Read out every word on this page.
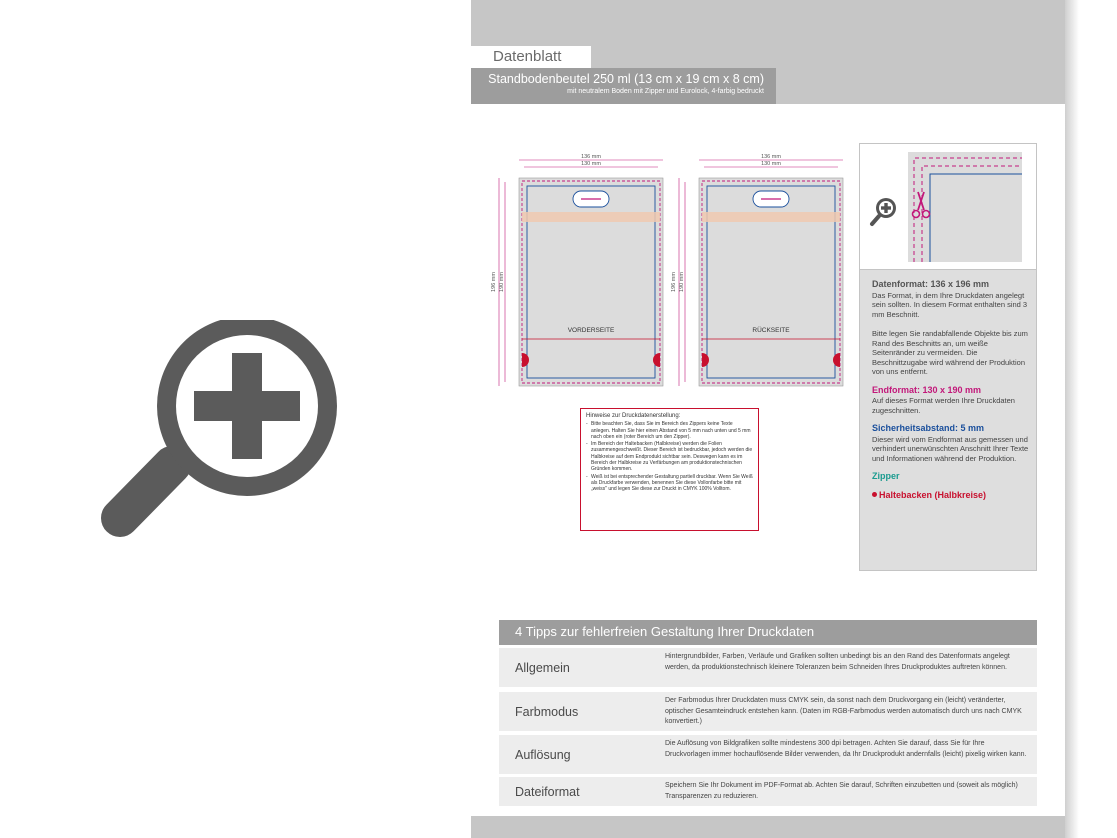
Datenblatt
Standbodenbeutel 250 ml (13 cm x 19 cm x 8 cm)
mit neutralem Boden mit Zipper und Eurolock, 4-farbig bedruckt
136 mm
130 mm
196 mm 190 mm
VORDERSEITE
136 mm
130 mm
196 mm 190 mm
RÜCKSEITE
Hinweise zur Druckdatenerstellung:
- Bitte beachten Sie, dass Sie im Bereich des Zippers keine Texte anlegen. Halten Sie hier einen Abstand von 5 mm nach unten und 5 mm nach oben ein (roter Bereich um den Zipper).
- Im Bereich der Haltebacken (Halbkreise) werden die Folien zusammengeschweißt. Dieser Bereich ist bedruckbar, jedoch werden die Halbkreise auf dem Endprodukt sichtbar sein. Deswegen kann es im Bereich der Halbkreise zu Verfärbungen am produktionstechnischen Gründen kommen.
- Weiß ist bei entsprechender Gestaltung partiell druckbar. Wenn Sie Weiß als Druckfarbe verwenden, benennen Sie diese Vollonfarbe bitte mit „weiss" und legen Sie diese zur Druckt in CMYK 100% Volltom.
Datenformat: 136 x 196 mm
Das Format, in dem Ihre Druckdaten angelegt sein sollten. In diesem Format enthalten sind 3 mm Beschnitt.
Bitte legen Sie randabfallende Objekte bis zum Rand des Beschnitts an, um weiße Seitenränder zu vermeiden. Die Beschnittzugabe wird während der Produktion von uns entfernt.
Endformat: 130 x 190 mm
Auf dieses Format werden Ihre Druckdaten zugeschnitten.
Sicherheitsabstand: 5 mm
Dieser wird vom Endformat aus gemessen und verhindert unerwünschten Anschnitt Ihrer Texte und Informationen während der Produktion.
Zipper
Haltebacken (Halbkreise)
4 Tipps zur fehlerfreien Gestaltung Ihrer Druckdaten
Allgemein
Hintergrundbilder, Farben, Verläufe und Grafiken sollten unbedingt bis an den Rand des Datenformats angelegt werden, da produktionstechnisch kleinere Toleranzen beim Schneiden Ihres Druckproduktes auftreten können.
Farbmodus
Der Farbmodus Ihrer Druckdaten muss CMYK sein, da sonst nach dem Druckvorgang ein (leicht) veränderter, optischer Gesamteindruck entstehen kann. (Daten im RGB-Farbmodus werden automatisch durch uns nach CMYK konvertiert.)
Auflösung
Die Auflösung von Bildgrafiken sollte mindestens 300 dpi betragen. Achten Sie darauf, dass Sie für Ihre Druckvorlagen immer hochauflösende Bilder verwenden, da Ihr Druckprodukt andernfalls (leicht) pixelig wirken kann.
Dateiformat	Speichern Sie Ihr Dokument im PDF-Format ab. Achten Sie darauf, Schriften einzubetten und (soweit als möglich) Transparenzen zu reduzieren.
